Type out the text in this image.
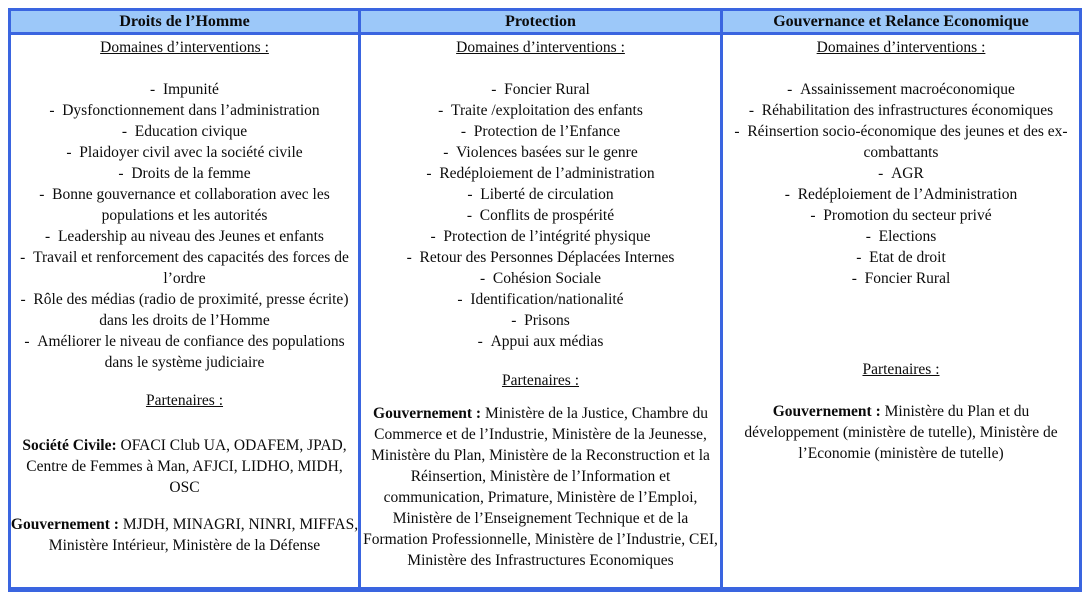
Droits de l’Homme
Domaines d’interventions :
-  Impunité
-  Dysfonctionnement dans l’administration
-  Education civique
-  Plaidoyer civil avec la société civile
-  Droits de la femme
-  Bonne gouvernance et collaboration avec les populations et les autorités
-  Leadership au niveau des Jeunes et enfants
-  Travail et renforcement des capacités des forces de l’ordre
-  Rôle des médias (radio de proximité, presse écrite) dans les droits de l’Homme
-  Améliorer le niveau de confiance des populations dans le système judiciaire
Partenaires :

Société Civile: OFACI Club UA, ODAFEM, JPAD, Centre de Femmes à Man, AFJCI, LIDHO, MIDH, OSC

Gouvernement : MJDH, MINAGRI, NINRI, MIFFAS, Ministère Intérieur, Ministère de la Défense

Protection
Domaines d’interventions :
-  Foncier Rural
-  Traite /exploitation des enfants
-  Protection de l’Enfance
-  Violences basées sur le genre
-  Redéploiement de l’administration
-  Liberté de circulation
-  Conflits de prospérité
-  Protection de l’intégrité physique
-  Retour des Personnes Déplacées Internes
-  Cohésion Sociale
-  Identification/nationalité
-  Prisons
-  Appui aux médias
Partenaires :

Gouvernement : Ministère de la Justice, Chambre du Commerce et de l’Industrie, Ministère de la Jeunesse, Ministère du Plan, Ministère de la Reconstruction et la Réinsertion, Ministère de l’Information et communication, Primature, Ministère de l’Emploi, Ministère de l’Enseignement Technique et de la Formation Professionnelle, Ministère de l’Industrie, CEI, Ministère des Infrastructures Economiques

Gouvernance et Relance Economique
Domaines d’interventions :
-  Assainissement macroéconomique
-  Réhabilitation des infrastructures économiques
-  Réinsertion socio-économique des jeunes et des ex-combattants
-  AGR
-  Redéploiement de l’Administration
-  Promotion du secteur privé
-  Elections
-  Etat de droit
-  Foncier Rural
Partenaires :

Gouvernement : Ministère du Plan et du développement (ministère de tutelle), Ministère de l’Economie (ministère de tutelle)
